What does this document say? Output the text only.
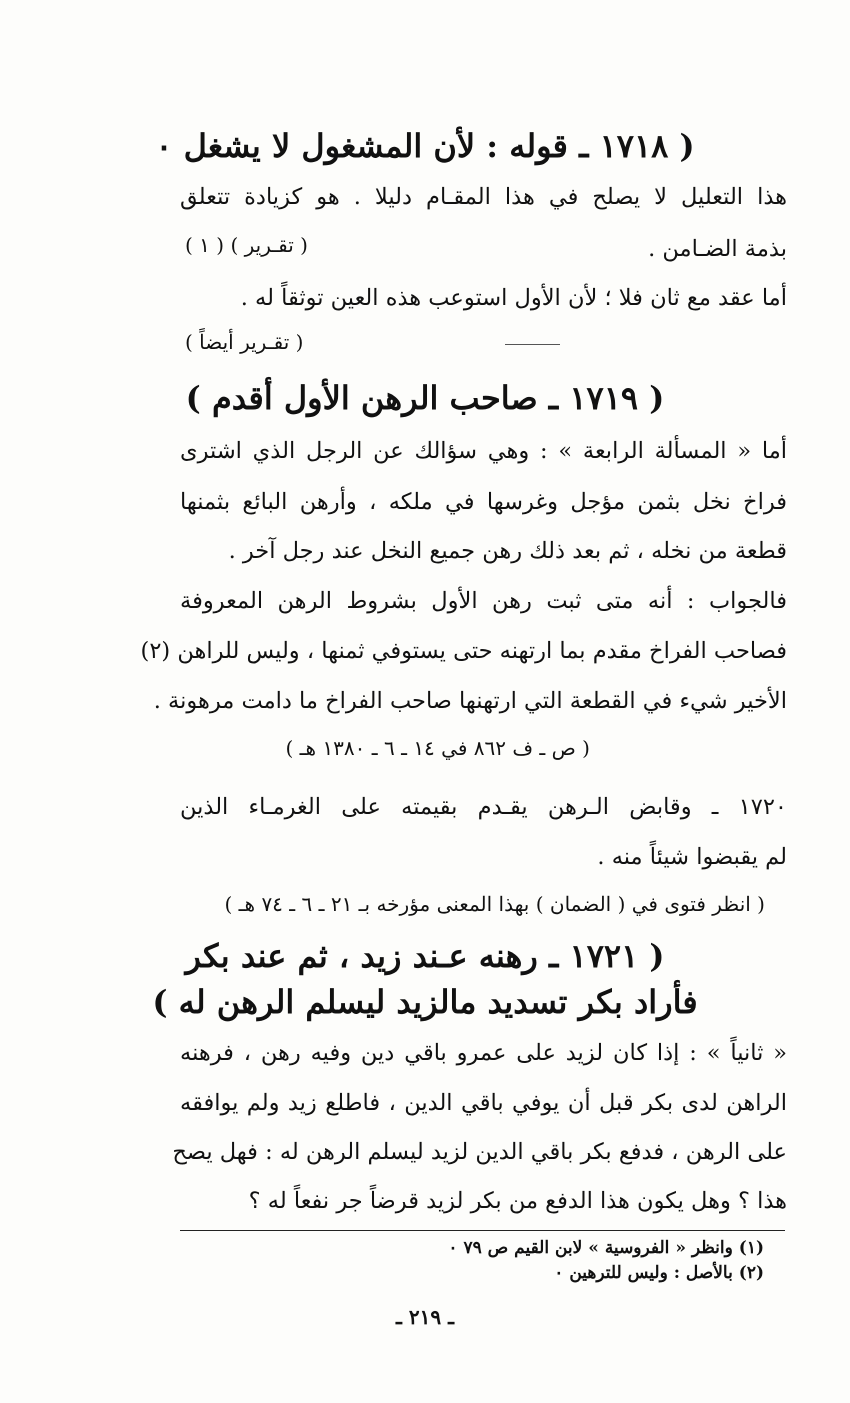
( ١٧١٨ ـ قوله : لأن المشغول لا يشغل ٠
هذا التعليل لا يصلح في هذا المقـام دليلا . هو كزيادة تتعلق
بذمة الضـامن .
( تقـرير ) ( ١ )
أما عقد مع ثان فلا ؛ لأن الأول استوعب هذه العين توثقاً له .
( تقـرير أيضاً )
( ١٧١٩ ـ صاحب الرهن الأول أقدم )
أما « المسألة الرابعة » : وهي سؤالك عن الرجل الذي اشترى
فراخ نخل بثمن مؤجل وغرسها في ملكه ، وأرهن البائع بثمنها
قطعة من نخله ، ثم بعد ذلك رهن جميع النخل عند رجل آخر .
فالجواب : أنه متى ثبت رهن الأول بشروط الرهن المعروفة
فصاحب الفراخ مقدم بما ارتهنه حتى يستوفي ثمنها ، وليس للراهن (٢)
الأخير شيء في القطعة التي ارتهنها صاحب الفراخ ما دامت مرهونة .
( ص ـ ف ٨٦٢ في ١٤ ـ ٦ ـ ١٣٨٠ هـ )
١٧٢٠ ـ وقابض الـرهن يقـدم بقيمته على الغرمـاء الذين
لم يقبضوا شيئاً منه .
( انظر فتوى في ( الضمان ) بهذا المعنى مؤرخه بـ ٢١ ـ ٦ ـ ٧٤ هـ )
( ١٧٢١ ـ رهنه عـند زيد ، ثم عند بكر
فأراد بكر تسديد مالزيد ليسلم الرهن له )
« ثانياً » : إذا كان لزيد على عمرو باقي دين وفيه رهن ، فرهنه
الراهن لدى بكر قبل أن يوفي باقي الدين ، فاطلع زيد ولم يوافقه
على الرهن ، فدفع بكر باقي الدين لزيد ليسلم الرهن له : فهل يصح
هذا ؟ وهل يكون هذا الدفع من بكر لزيد قرضاً جر نفعاً له ؟
(١) وانظر « الفروسية » لابن القيم ص ٧٩ ٠
(٢) بالأصل : وليس للترهين ٠
ـ ٢١٩ ـ
